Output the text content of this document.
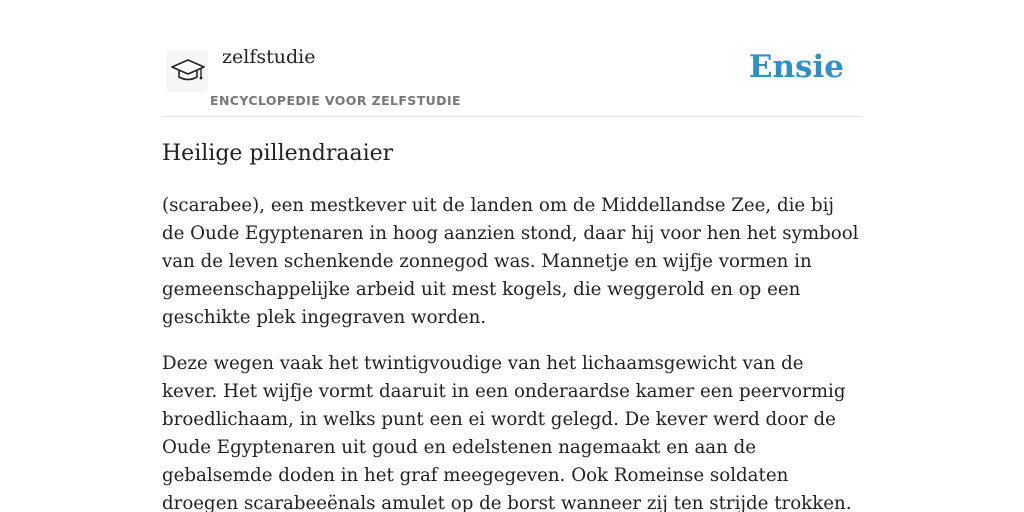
zelfstudie
ENCYCLOPEDIE VOOR ZELFSTUDIE
Ensie
Heilige pillendraaier

(scarabee), een mestkever uit de landen om de Middellandse Zee, die bij de Oude Egyptenaren in hoog aanzien stond, daar hij voor hen het symbool van de leven schenkende zonnegod was. Mannetje en wijfje vormen in gemeenschappelijke arbeid uit mest kogels, die weggerold en op een geschikte plek ingegraven worden.

Deze wegen vaak het twintigvoudige van het lichaamsgewicht van de kever. Het wijfje vormt daaruit in een onderaardse kamer een peervormig broedlichaam, in welks punt een ei wordt gelegd. De kever werd door de Oude Egyptenaren uit goud en edelstenen nagemaakt en aan de gebalsemde doden in het graf meegegeven. Ook Romeinse soldaten droegen scarabeeënals amulet op de borst wanneer zij ten strijde trokken.
